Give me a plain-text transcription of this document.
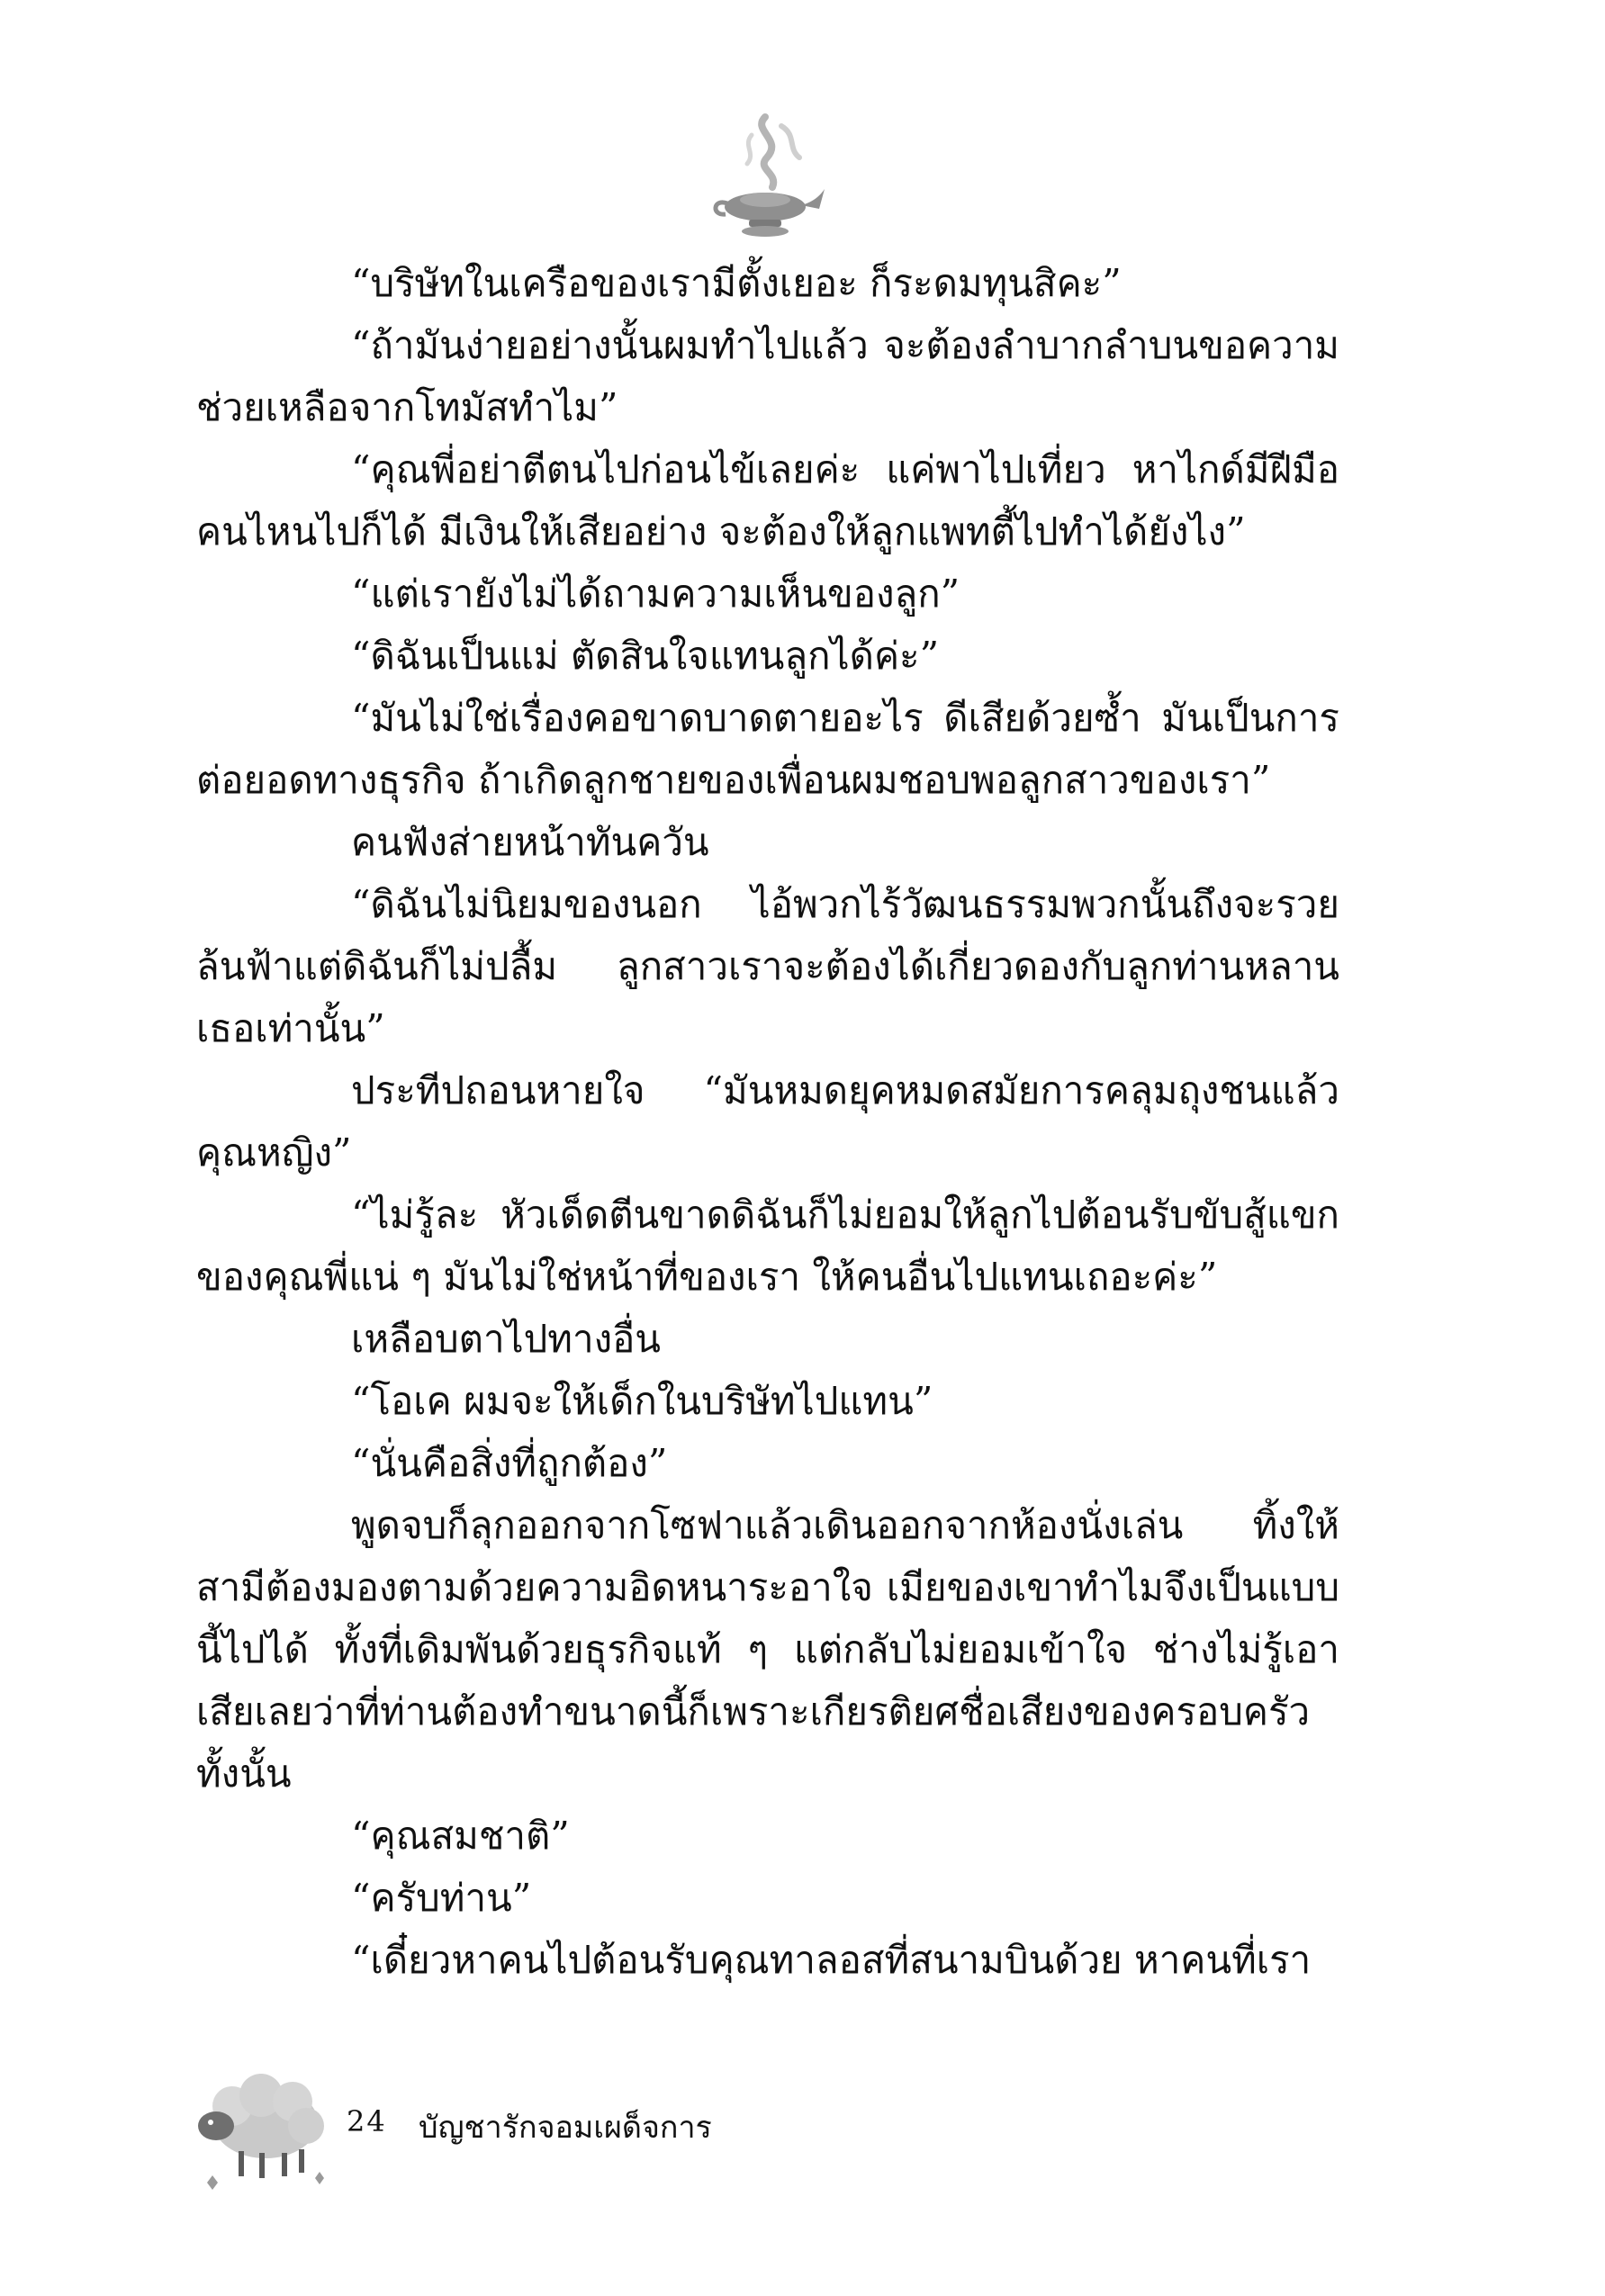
“บริษัทในเครือของเรามีตั้งเยอะ ก็ระดมทุนสิคะ”

“ถ้ามันง่ายอย่างนั้นผมทำไปแล้ว จะต้องลำบากลำบนขอความช่วยเหลือจากโทมัสทำไม”

“คุณพี่อย่าตีตนไปก่อนไข้เลยค่ะ แค่พาไปเที่ยว หาไกด์มีฝีมือคนไหนไปก็ได้ มีเงินให้เสียอย่าง จะต้องให้ลูกแพทตี้ไปทำได้ยังไง”

“แต่เรายังไม่ได้ถามความเห็นของลูก”

“ดิฉันเป็นแม่ ตัดสินใจแทนลูกได้ค่ะ”

“มันไม่ใช่เรื่องคอขาดบาดตายอะไร ดีเสียด้วยซ้ำ มันเป็นการต่อยอดทางธุรกิจ ถ้าเกิดลูกชายของเพื่อนผมชอบพอลูกสาวของเรา”

คนฟังส่ายหน้าทันควัน

“ดิฉันไม่นิยมของนอก ไอ้พวกไร้วัฒนธรรมพวกนั้นถึงจะรวยล้นฟ้าแต่ดิฉันก็ไม่ปลื้ม ลูกสาวเราจะต้องได้เกี่ยวดองกับลูกท่านหลานเธอเท่านั้น”

ประทีปถอนหายใจ “มันหมดยุคหมดสมัยการคลุมถุงชนแล้วคุณหญิง”

“ไม่รู้ละ หัวเด็ดตีนขาดดิฉันก็ไม่ยอมให้ลูกไปต้อนรับขับสู้แขกของคุณพี่แน่ ๆ มันไม่ใช่หน้าที่ของเรา ให้คนอื่นไปแทนเถอะค่ะ”

เหลือบตาไปทางอื่น

“โอเค ผมจะให้เด็กในบริษัทไปแทน”

“นั่นคือสิ่งที่ถูกต้อง”

พูดจบก็ลุกออกจากโซฟาแล้วเดินออกจากห้องนั่งเล่น ทิ้งให้สามีต้องมองตามด้วยความอิดหนาระอาใจ เมียของเขาทำไมจึงเป็นแบบนี้ไปได้ ทั้งที่เดิมพันด้วยธุรกิจแท้ ๆ แต่กลับไม่ยอมเข้าใจ ช่างไม่รู้เอาเสียเลยว่าที่ท่านต้องทำขนาดนี้ก็เพราะเกียรติยศชื่อเสียงของครอบครัวทั้งนั้น

“คุณสมชาติ”

“ครับท่าน”

“เดี๋ยวหาคนไปต้อนรับคุณทาลอสที่สนามบินด้วย หาคนที่เรา

24 บัญชารักจอมเผด็จการ
